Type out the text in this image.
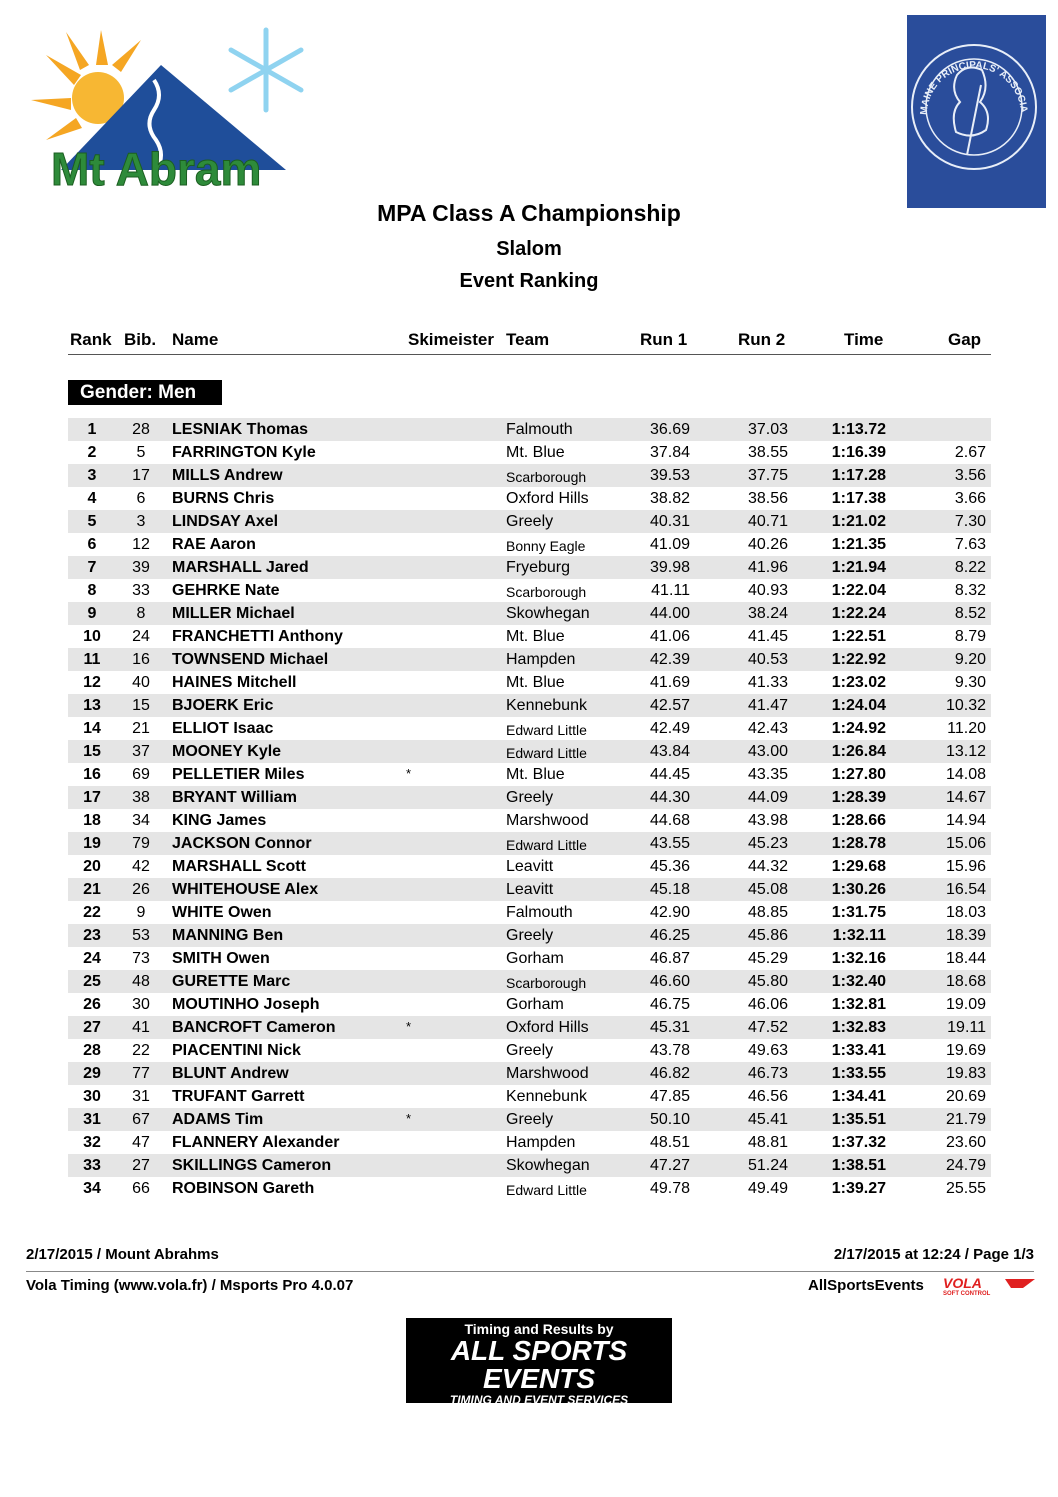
Mt Abram
MAINE PRINCIPALS' ASSOCIA
MPA Class A Championship
Slalom
Event Ranking
Rank Bib. Name	Skimeister Team	Run 1	Run 2	Time	Gap
Gender: Men
1	28	LESNIAK Thomas	Falmouth	36.69	37.03	1:13.72
2	5	FARRINGTON Kyle	Mt. Blue	37.84	38.55	1:16.39	2.67
3	17	MILLS Andrew	Scarborough	39.53	37.75	1:17.28	3.56
4	6	BURNS Chris	Oxford Hills	38.82	38.56	1:17.38	3.66
5	3	LINDSAY Axel	Greely	40.31	40.71	1:21.02	7.30
6	12	RAE Aaron	Bonny Eagle	41.09	40.26	1:21.35	7.63
7	39	MARSHALL Jared	Fryeburg	39.98	41.96	1:21.94	8.22
8	33	GEHRKE Nate	Scarborough	41.11	40.93	1:22.04	8.32
9	8	MILLER Michael	Skowhegan	44.00	38.24	1:22.24	8.52
10	24	FRANCHETTI Anthony	Mt. Blue	41.06	41.45	1:22.51	8.79
11	16	TOWNSEND Michael	Hampden	42.39	40.53	1:22.92	9.20
12	40	HAINES Mitchell	Mt. Blue	41.69	41.33	1:23.02	9.30
13	15	BJOERK Eric	Kennebunk	42.57	41.47	1:24.04	10.32
14	21	ELLIOT Isaac	Edward Little	42.49	42.43	1:24.92	11.20
15	37	MOONEY Kyle	Edward Little	43.84	43.00	1:26.84	13.12
16	69	PELLETIER Miles	*	Mt. Blue	44.45	43.35	1:27.80	14.08
17	38	BRYANT William	Greely	44.30	44.09	1:28.39	14.67
18	34	KING James	Marshwood	44.68	43.98	1:28.66	14.94
19	79	JACKSON Connor	Edward Little	43.55	45.23	1:28.78	15.06
20	42	MARSHALL Scott	Leavitt	45.36	44.32	1:29.68	15.96
21	26	WHITEHOUSE Alex	Leavitt	45.18	45.08	1:30.26	16.54
22	9	WHITE Owen	Falmouth	42.90	48.85	1:31.75	18.03
23	53	MANNING Ben	Greely	46.25	45.86	1:32.11	18.39
24	73	SMITH Owen	Gorham	46.87	45.29	1:32.16	18.44
25	48	GURETTE Marc	Scarborough	46.60	45.80	1:32.40	18.68
26	30	MOUTINHO Joseph	Gorham	46.75	46.06	1:32.81	19.09
27	41	BANCROFT Cameron	*	Oxford Hills	45.31	47.52	1:32.83	19.11
28	22	PIACENTINI Nick	Greely	43.78	49.63	1:33.41	19.69
29	77	BLUNT Andrew	Marshwood	46.82	46.73	1:33.55	19.83
30	31	TRUFANT Garrett	Kennebunk	47.85	46.56	1:34.41	20.69
31	67	ADAMS Tim	*	Greely	50.10	45.41	1:35.51	21.79
32	47	FLANNERY Alexander	Hampden	48.51	48.81	1:37.32	23.60
33	27	SKILLINGS Cameron	Skowhegan	47.27	51.24	1:38.51	24.79
34	66	ROBINSON Gareth	Edward Little	49.78	49.49	1:39.27	25.55
2/17/2015 / Mount Abrahms	2/17/2015 at 12:24 / Page 1/3
Vola Timing (www.vola.fr) / Msports Pro 4.0.07	AllSportsEvents VOLA
SOFT CONTROL
Timing and Results by
ALL SPORTS EVENTS
TIMING AND EVENT SERVICES
www.allsportsevents.com
